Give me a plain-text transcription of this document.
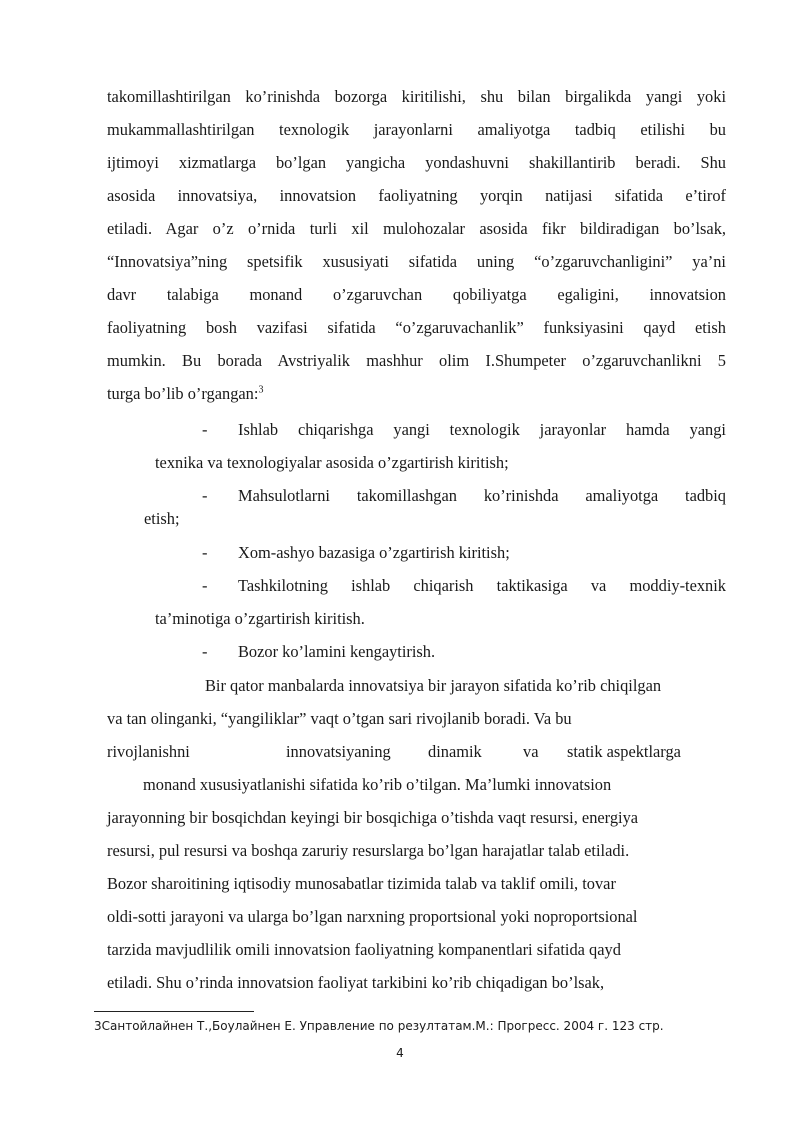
takomillashtirilgan ko’rinishda bozorga kiritilishi, shu bilan birgalikda yangi yoki
mukammallashtirilgan texnologik jarayonlarni amaliyotga tadbiq etilishi bu
ijtimoyi xizmatlarga bo’lgan yangicha yondashuvni shakillantirib beradi. Shu
asosida innovatsiya, innovatsion faoliyatning yorqin natijasi sifatida e’tirof
etiladi. Agar o’z o’rnida turli xil mulohozalar asosida fikr bildiradigan bo’lsak,
“Innovatsiya”ning spetsifik xususiyati sifatida uning “o’zgaruvchanligini” ya’ni
davr talabiga monand o’zgaruvchan qobiliyatga egaligini, innovatsion
faoliyatning bosh vazifasi sifatida “o’zgaruvachanlik” funksiyasini qayd etish
mumkin. Bu borada Avstriyalik mashhur olim I.Shumpeter o’zgaruvchanlikni 5
turga bo’lib o’rgangan:$^3$
-	Ishlab chiqarishga yangi texnologik jarayonlar hamda yangi
texnika va texnologiyalar asosida o’zgartirish kiritish;
-	Mahsulotlarni takomillashgan ko’rinishda amaliyotga tadbiq
etish;
-	Xom-ashyo bazasiga o’zgartirish kiritish;
-	Tashkilotning ishlab chiqarish taktikasiga va moddiy-texnik
ta’minotiga o’zgartirish kiritish.
-	Bozor ko’lamini kengaytirish.
Bir qator manbalarda innovatsiya bir jarayon sifatida ko’rib chiqilgan
va tan olinganki, “yangiliklar” vaqt o’tgan sari rivojlanib boradi. Va bu
rivojlanishni	innovatsiyaning dinamik	va statik aspektlarga
monand xususiyatlanishi sifatida ko’rib o’tilgan. Ma’lumki innovatsion
jarayonning bir bosqichdan keyingi bir bosqichiga o’tishda vaqt resursi, energiya
resursi, pul resursi va boshqa zaruriy resurslarga bo’lgan harajatlar talab etiladi.
Bozor sharoitining iqtisodiy munosabatlar tizimida talab va taklif omili, tovar
oldi-sotti jarayoni va ularga bo’lgan narxning proportsional yoki noproportsional
tarzida mavjudlilik omili innovatsion faoliyatning kompanentlari sifatida qayd
etiladi. Shu o’rinda innovatsion faoliyat tarkibini ko’rib chiqadigan bo’lsak,
3Сантойлайнен Т.,Боулайнен Е. Управление по резултатам.М.: Прогресс. 2004 г. 123 стр.
4
